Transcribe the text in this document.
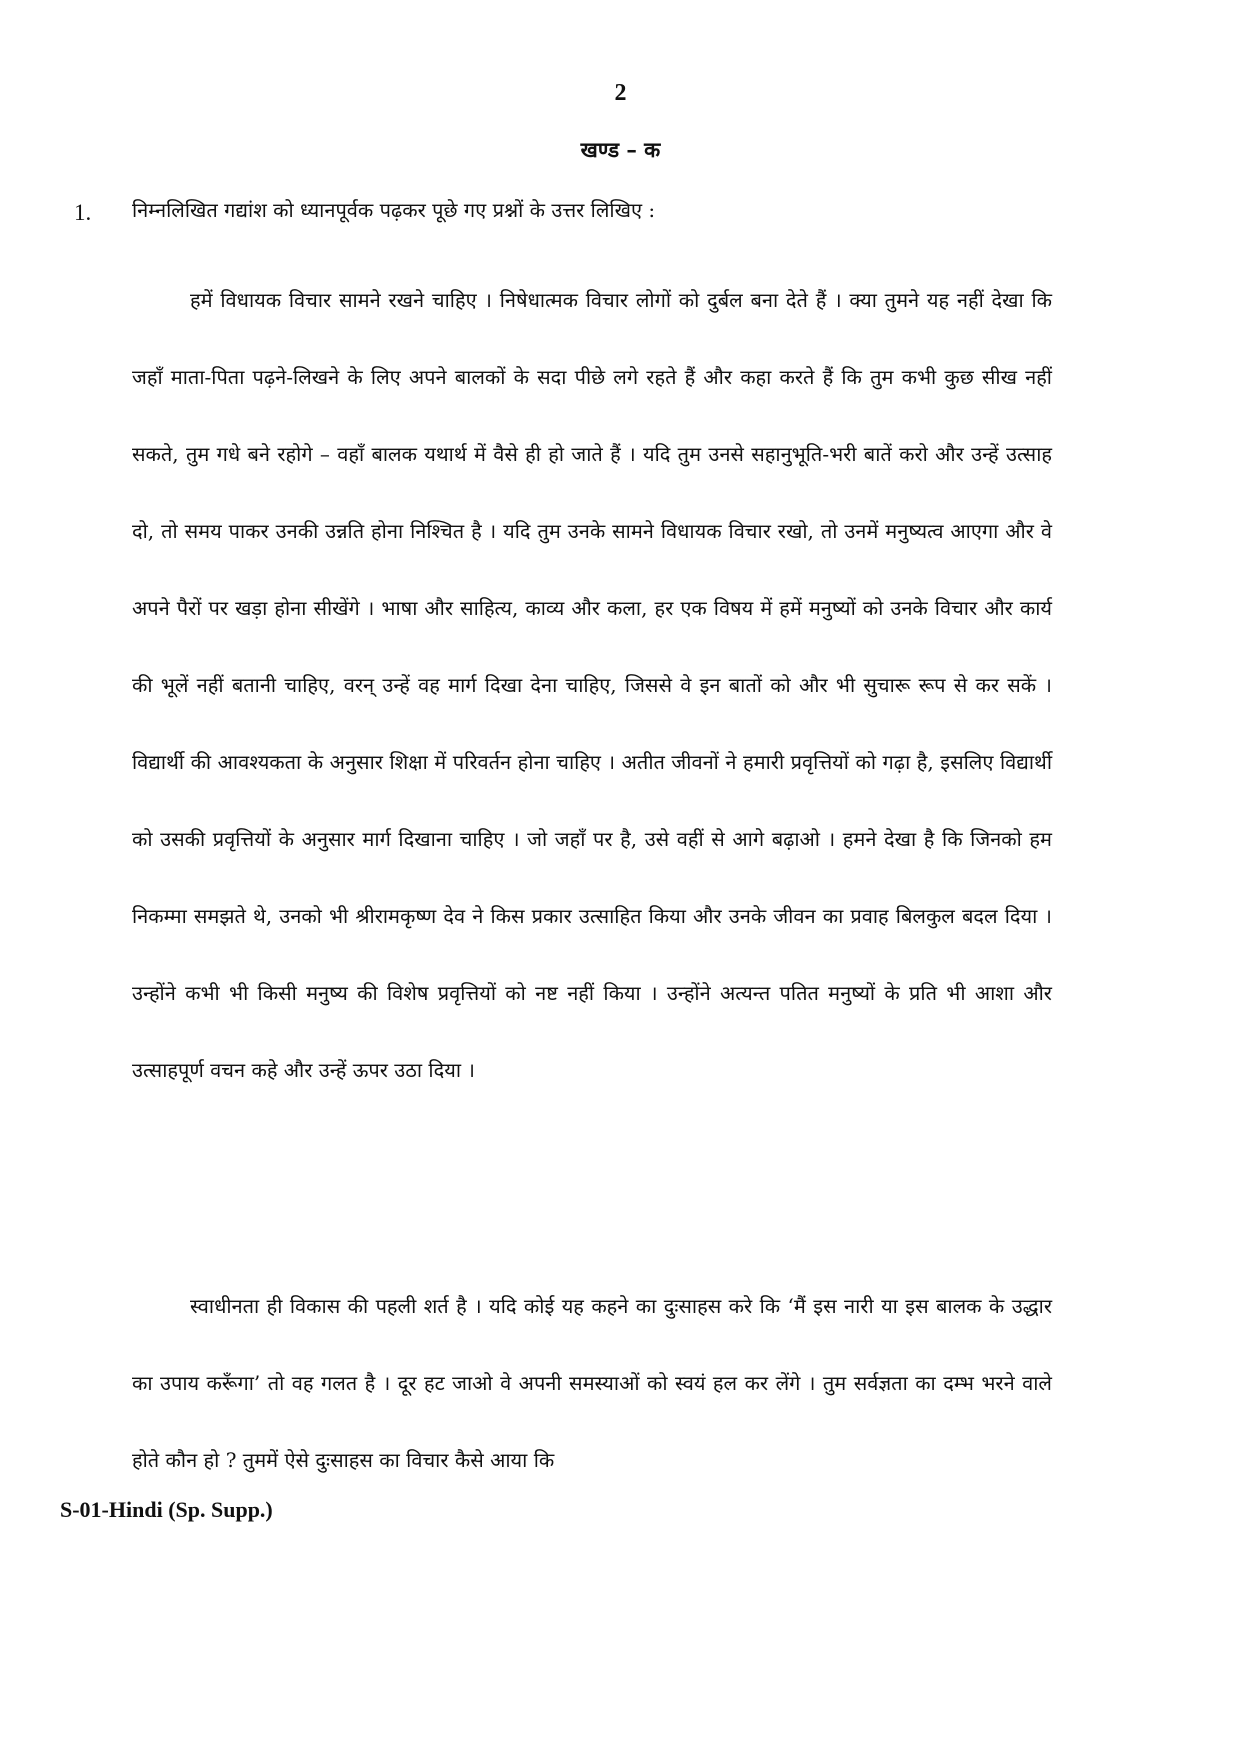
2
खण्ड – क
1. निम्नलिखित गद्यांश को ध्यानपूर्वक पढ़कर पूछे गए प्रश्नों के उत्तर लिखिए :

हमें विधायक विचार सामने रखने चाहिए । निषेधात्मक विचार लोगों को दुर्बल बना देते हैं । क्या तुमने यह नहीं देखा कि जहाँ माता-पिता पढ़ने-लिखने के लिए अपने बालकों के सदा पीछे लगे रहते हैं और कहा करते हैं कि तुम कभी कुछ सीख नहीं सकते, तुम गधे बने रहोगे – वहाँ बालक यथार्थ में वैसे ही हो जाते हैं । यदि तुम उनसे सहानुभूति-भरी बातें करो और उन्हें उत्साह दो, तो समय पाकर उनकी उन्नति होना निश्चित है । यदि तुम उनके सामने विधायक विचार रखो, तो उनमें मनुष्यत्व आएगा और वे अपने पैरों पर खड़ा होना सीखेंगे । भाषा और साहित्य, काव्य और कला, हर एक विषय में हमें मनुष्यों को उनके विचार और कार्य की भूलें नहीं बतानी चाहिए, वरन् उन्हें वह मार्ग दिखा देना चाहिए, जिससे वे इन बातों को और भी सुचारू रूप से कर सकें । विद्यार्थी की आवश्यकता के अनुसार शिक्षा में परिवर्तन होना चाहिए । अतीत जीवनों ने हमारी प्रवृत्तियों को गढ़ा है, इसलिए विद्यार्थी को उसकी प्रवृत्तियों के अनुसार मार्ग दिखाना चाहिए । जो जहाँ पर है, उसे वहीं से आगे बढ़ाओ । हमने देखा है कि जिनको हम निकम्मा समझते थे, उनको भी श्रीरामकृष्ण देव ने किस प्रकार उत्साहित किया और उनके जीवन का प्रवाह बिलकुल बदल दिया । उन्होंने कभी भी किसी मनुष्य की विशेष प्रवृत्तियों को नष्ट नहीं किया । उन्होंने अत्यन्त पतित मनुष्यों के प्रति भी आशा और उत्साहपूर्ण वचन कहे और उन्हें ऊपर उठा दिया ।

स्वाधीनता ही विकास की पहली शर्त है । यदि कोई यह कहने का दुःसाहस करे कि ‘मैं इस नारी या इस बालक के उद्धार का उपाय करूँगा’ तो वह गलत है । दूर हट जाओ वे अपनी समस्याओं को स्वयं हल कर लेंगे । तुम सर्वज्ञता का दम्भ भरने वाले होते कौन हो ? तुममें ऐसे दुःसाहस का विचार कैसे आया कि

S-01-Hindi (Sp. Supp.)
